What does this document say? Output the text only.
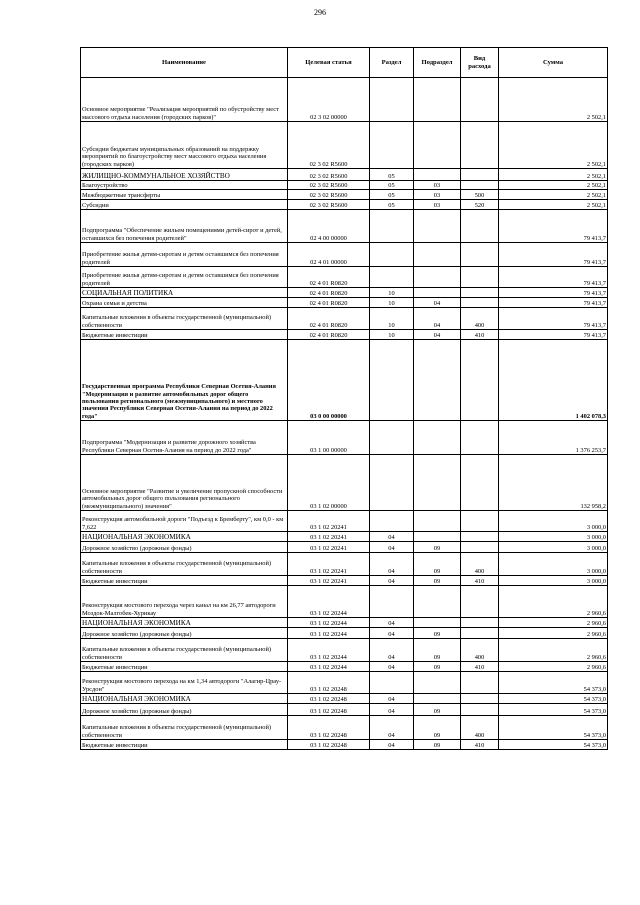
296
Наименование	Целевая статья	Раздел	Подраздел	Вид расхода	Сумма
Основное мероприятие "Реализация мероприятий по обустройству мест массового отдыха населения (городских парков)"	02 3 02 00000				2 502,1
Субсидии бюджетам муниципальных образований на поддержку мероприятий по благоустройству мест массового отдыха населения (городских парков)	02 3 02 R5600				2 502,1
ЖИЛИЩНО-КОММУНАЛЬНОЕ ХОЗЯЙСТВО	02 3 02 R5600	05			2 502,1
Благоустройство	02 3 02 R5600	05	03		2 502,1
Межбюджетные трансферты	02 3 02 R5600	05	03	500	2 502,1
Субсидии	02 3 02 R5600	05	03	520	2 502,1
Подпрограмма "Обеспечение жильем помещениями детей-сирот и детей, оставшихся без попечения родителей"	02 4 00 00000				79 413,7
Приобретение жилья детям-сиротам и детям оставшимся без попечения родителей	02 4 01 00000				79 413,7
Приобретение жилья детям-сиротам и детям оставшимся без попечения родителей	02 4 01 R0820				79 413,7
СОЦИАЛЬНАЯ ПОЛИТИКА	02 4 01 R0820	10			79 413,7
Охрана семьи и детства	02 4 01 R0820	10	04		79 413,7
Капитальные вложения в объекты государственной (муниципальной) собственности	02 4 01 R0820	10	04	400	79 413,7
Бюджетные инвестиции	02 4 01 R0820	10	04	410	79 413,7
Государственная программа Республики Северная Осетия-Алания "Модернизация и развитие автомобильных дорог общего пользования регионального (межмуниципального) и местного значения Республики Северная Осетия-Алания на период до 2022 года"	03 0 00 00000				1 402 078,3
Подпрограмма "Модернизация и развитие дорожного хозяйства Республики Северная Осетия-Алания на период до 2022 года"	03 1 00 00000				1 376 253,7
Основное мероприятие "Развитие и увеличение пропускной способности автомобильных дорог общего пользования регионального (межмуниципального) значения"	03 1 02 00000				132 958,2
Реконструкция автомобильной дороги "Подъезд к Бремберту", км 0,0 - км 7,622	03 1 02 20241				3 000,0
НАЦИОНАЛЬНАЯ ЭКОНОМИКА	03 1 02 20241	04			3 000,0
Дорожное хозяйство (дорожные фонды)	03 1 02 20241	04	09		3 000,0
Капитальные вложения в объекты государственной (муниципальной) собственности	03 1 02 20241	04	09	400	3 000,0
Бюджетные инвестиции	03 1 02 20241	04	09	410	3 000,0
Реконструкция мостового перехода через канал на км 26,77 автодороги Моздок-Малгобек-Хурикау	03 1 02 20244				2 960,6
НАЦИОНАЛЬНАЯ ЭКОНОМИКА	03 1 02 20244	04			2 960,6
Дорожное хозяйство (дорожные фонды)	03 1 02 20244	04	09		2 960,6
Капитальные вложения в объекты государственной (муниципальной) собственности	03 1 02 20244	04	09	400	2 960,6
Бюджетные инвестиции	03 1 02 20244	04	09	410	2 960,6
Реконструкция мостового перехода на км 1,34 автодороги "Алагир-Црау-Урсдон"	03 1 02 20248				54 373,0
НАЦИОНАЛЬНАЯ ЭКОНОМИКА	03 1 02 20248	04			54 373,0
Дорожное хозяйство (дорожные фонды)	03 1 02 20248	04	09		54 373,0
Капитальные вложения в объекты государственной (муниципальной) собственности	03 1 02 20248	04	09	400	54 373,0
Бюджетные инвестиции	03 1 02 20248	04	09	410	54 373,0
